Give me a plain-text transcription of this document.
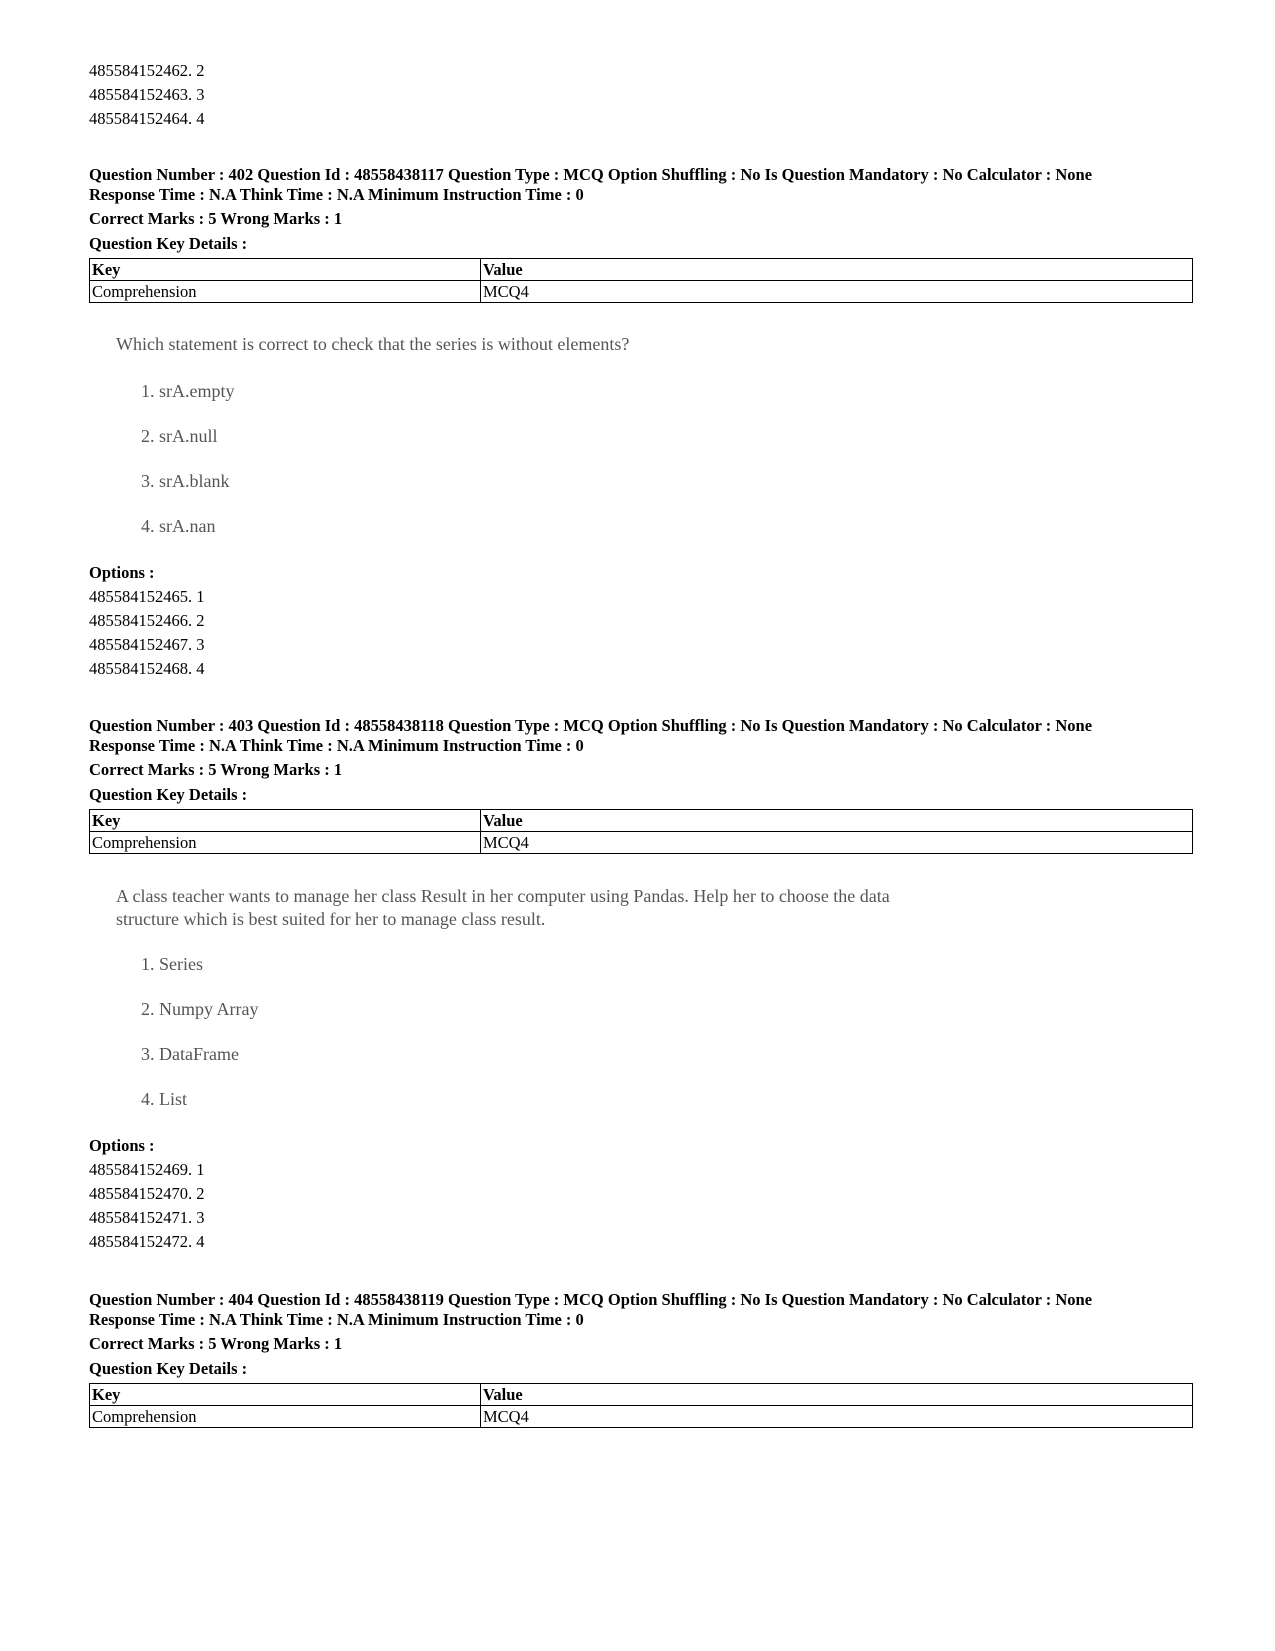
485584152462. 2
485584152463. 3
485584152464. 4
Question Number : 402 Question Id : 48558438117 Question Type : MCQ Option Shuffling : No Is Question Mandatory : No Calculator : None
Response Time : N.A Think Time : N.A Minimum Instruction Time : 0
Correct Marks : 5 Wrong Marks : 1
Question Key Details :
Key	Value
Comprehension	MCQ4
Which statement is correct to check that the series is without elements?
1. srA.empty
2. srA.null
3. srA.blank
4. srA.nan
Options :
485584152465. 1
485584152466. 2
485584152467. 3
485584152468. 4
Question Number : 403 Question Id : 48558438118 Question Type : MCQ Option Shuffling : No Is Question Mandatory : No Calculator : None
Response Time : N.A Think Time : N.A Minimum Instruction Time : 0
Correct Marks : 5 Wrong Marks : 1
Question Key Details :
Key	Value
Comprehension	MCQ4
A class teacher wants to manage her class Result in her computer using Pandas. Help her to choose the data
structure which is best suited for her to manage class result.
1. Series
2. Numpy Array
3. DataFrame
4. List
Options :
485584152469. 1
485584152470. 2
485584152471. 3
485584152472. 4
Question Number : 404 Question Id : 48558438119 Question Type : MCQ Option Shuffling : No Is Question Mandatory : No Calculator : None
Response Time : N.A Think Time : N.A Minimum Instruction Time : 0
Correct Marks : 5 Wrong Marks : 1
Question Key Details :
Key	Value
Comprehension	MCQ4
